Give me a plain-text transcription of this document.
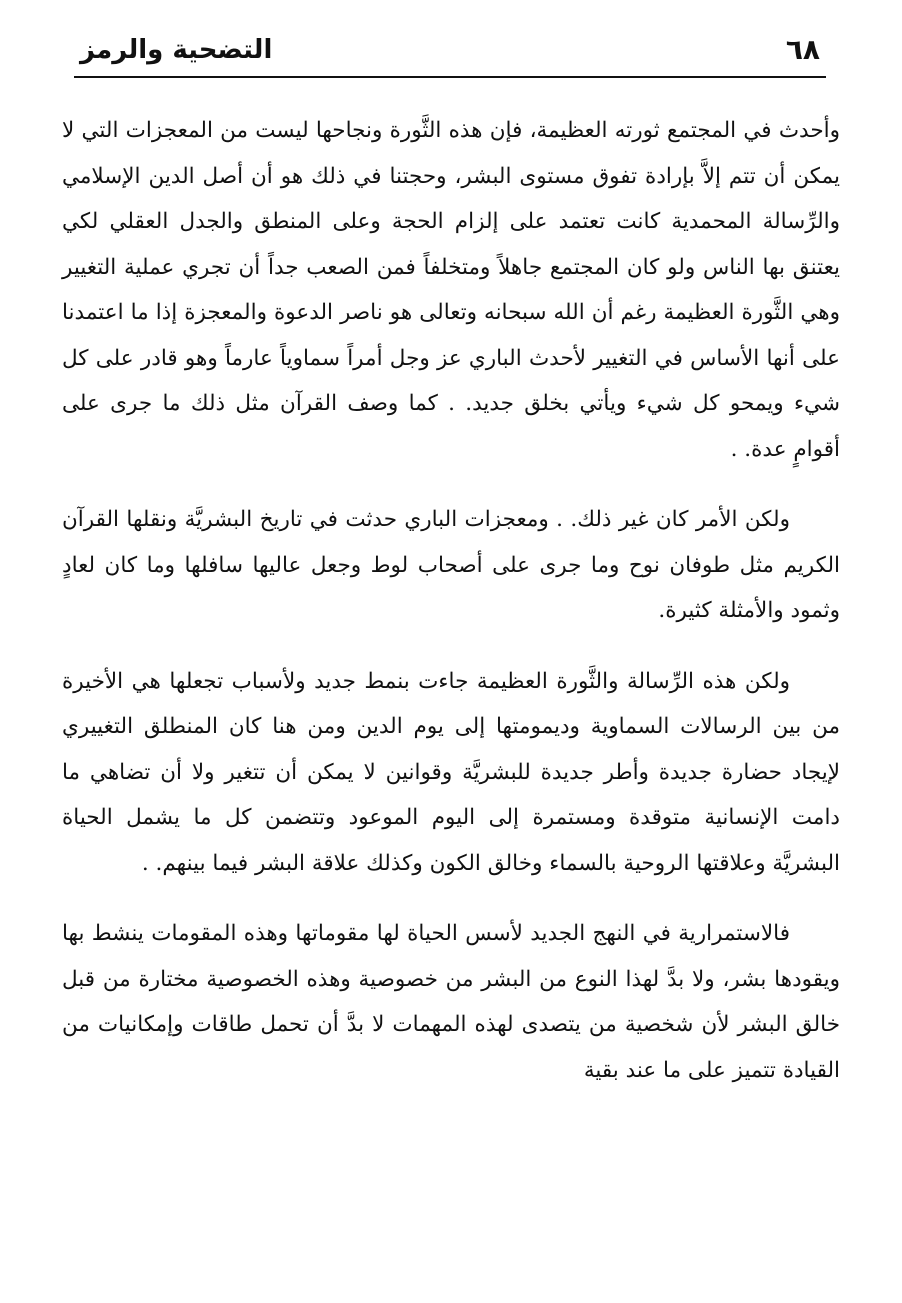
٦٨
التضحية والرمز

وأحدث في المجتمع ثورته العظيمة، فإن هذه الثَّورة ونجاحها ليست من المعجزات التي لا يمكن أن تتم إلاَّ بإرادة تفوق مستوى البشر، وحجتنا في ذلك هو أن أصل الدين الإسلامي والرِّسالة المحمدية كانت تعتمد على إلزام الحجة وعلى المنطق والجدل العقلي لكي يعتنق بها الناس ولو كان المجتمع جاهلاً ومتخلفاً فمن الصعب جداً أن تجري عملية التغيير وهي الثَّورة العظيمة رغم أن الله سبحانه وتعالى هو ناصر الدعوة والمعجزة إذا ما اعتمدنا على أنها الأساس في التغيير لأحدث الباري عز وجل أمراً سماوياً عارماً وهو قادر على كل شيء ويمحو كل شيء ويأتي بخلق جديد. . كما وصف القرآن مثل ذلك ما جرى على أقوامٍ عدة. .

ولكن الأمر كان غير ذلك. . ومعجزات الباري حدثت في تاريخ البشريَّة ونقلها القرآن الكريم مثل طوفان نوح وما جرى على أصحاب لوط وجعل عاليها سافلها وما كان لعادٍ وثمود والأمثلة كثيرة.

ولكن هذه الرِّسالة والثَّورة العظيمة جاءت بنمط جديد ولأسباب تجعلها هي الأخيرة من بين الرسالات السماوية وديمومتها إلى يوم الدين ومن هنا كان المنطلق التغييري لإيجاد حضارة جديدة وأطر جديدة للبشريَّة وقوانين لا يمكن أن تتغير ولا أن تضاهي ما دامت الإنسانية متوقدة ومستمرة إلى اليوم الموعود وتتضمن كل ما يشمل الحياة البشريَّة وعلاقتها الروحية بالسماء وخالق الكون وكذلك علاقة البشر فيما بينهم. .

فالاستمرارية في النهج الجديد لأسس الحياة لها مقوماتها وهذه المقومات ينشط بها ويقودها بشر، ولا بدَّ لهذا النوع من البشر من خصوصية وهذه الخصوصية مختارة من قبل خالق البشر لأن شخصية من يتصدى لهذه المهمات لا بدَّ أن تحمل طاقات وإمكانيات من القيادة تتميز على ما عند بقية
